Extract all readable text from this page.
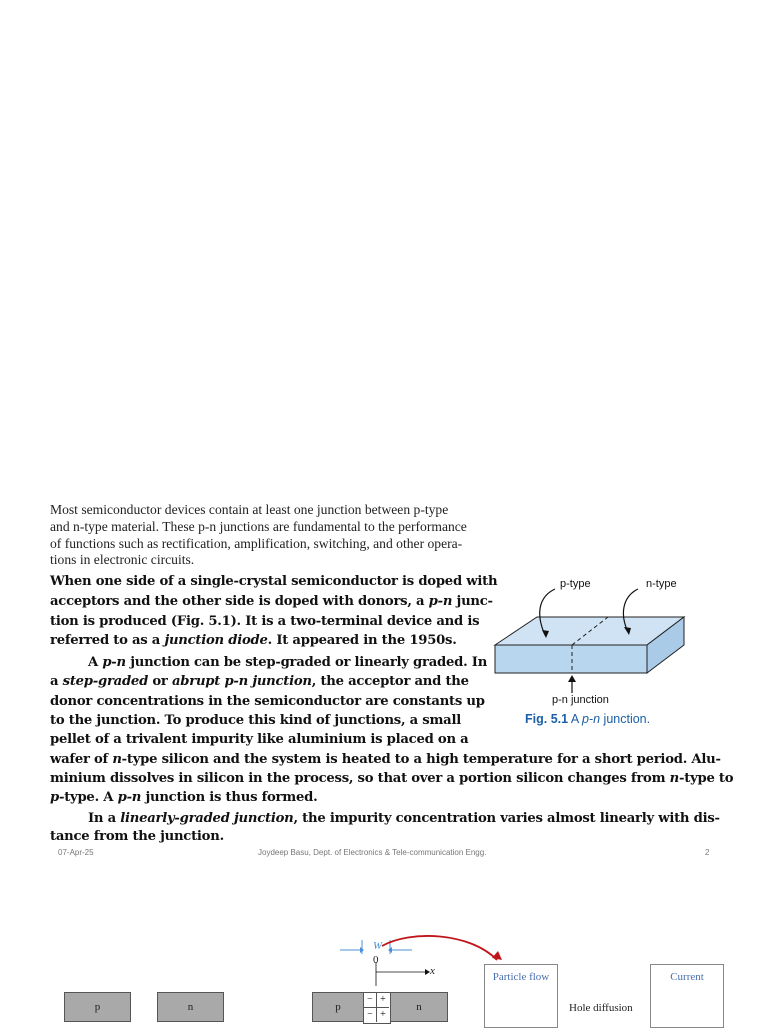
Most semiconductor devices contain at least one junction between p-type
and n-type material. These p-n junctions are fundamental to the performance
of functions such as rectification, amplification, switching, and other opera-
tions in electronic circuits.
When one side of a single-crystal semiconductor is doped with
acceptors and the other side is doped with donors, a p-n junc-
tion is produced (Fig. 5.1). It is a two-terminal device and is
referred to as a junction diode. It appeared in the 1950s.
A p-n junction can be step-graded or linearly graded. In
a step-graded or abrupt p-n junction, the acceptor and the
donor concentrations in the semiconductor are constants up
to the junction. To produce this kind of junctions, a small
pellet of a trivalent impurity like aluminium is placed on a
wafer of n-type silicon and the system is heated to a high temperature for a short period. Alu-
minium dissolves in silicon in the process, so that over a portion silicon changes from n-type to
p-type. A p-n junction is thus formed.
In a linearly-graded junction, the impurity concentration varies almost linearly with dis-
tance from the junction.
p-type	n-type
p-n junction
Fig. 5.1 A p-n junction.
07-Apr-25	Joydeep Basu, Dept. of Electronics & Tele-communication Engg.	2
W
0
x
p	n	p
− +
− +
n
Particle flow
Hole diffusion
Current
